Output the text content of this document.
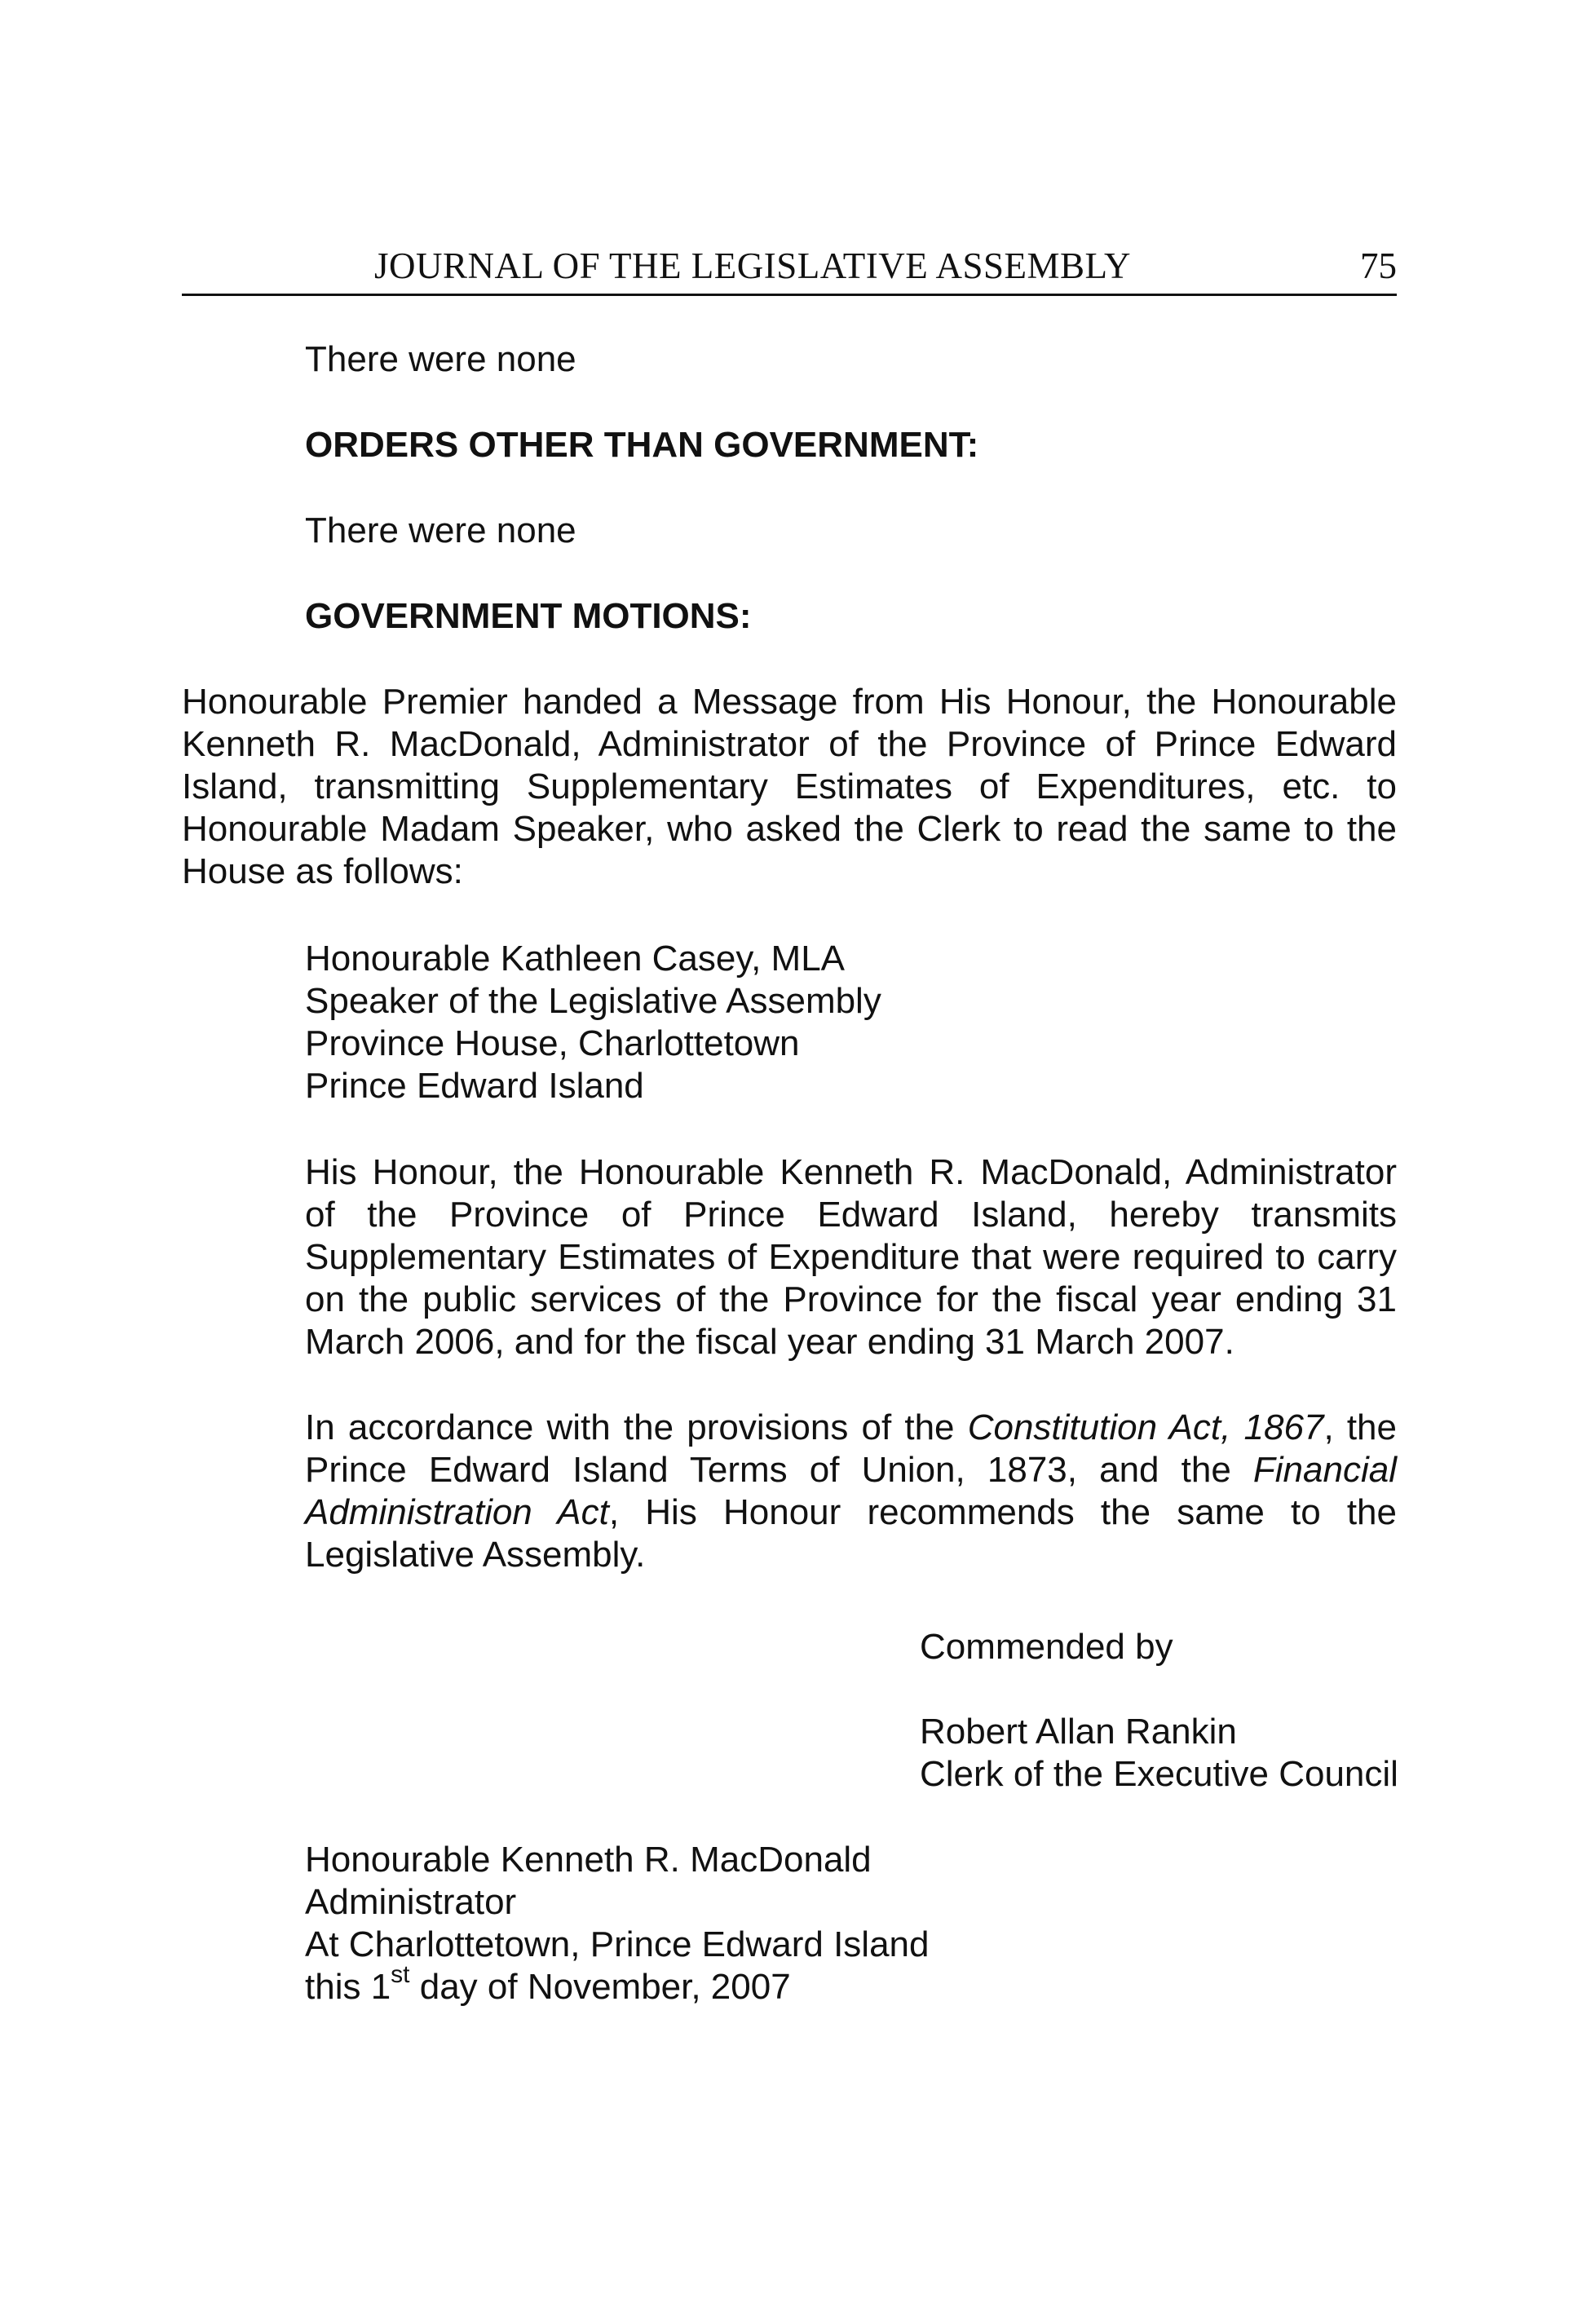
JOURNAL OF THE LEGISLATIVE ASSEMBLY	75

There were none

ORDERS OTHER THAN GOVERNMENT:

There were none

GOVERNMENT MOTIONS:

Honourable Premier handed a Message from His Honour, the Honourable Kenneth R. MacDonald, Administrator of the Province of Prince Edward Island, transmitting Supplementary Estimates of Expenditures, etc. to Honourable Madam Speaker, who asked the Clerk to read the same to the House as follows:

Honourable Kathleen Casey, MLA
Speaker of the Legislative Assembly
Province House, Charlottetown
Prince Edward Island

His Honour, the Honourable Kenneth R. MacDonald, Administrator of the Province of Prince Edward Island, hereby transmits Supplementary Estimates of Expenditure that were required to carry on the public services of the Province for the fiscal year ending 31 March 2006, and for the fiscal year ending 31 March 2007.

In accordance with the provisions of the Constitution Act, 1867, the Prince Edward Island Terms of Union, 1873, and the Financial Administration Act, His Honour recommends the same to the Legislative Assembly.

Commended by

Robert Allan Rankin
Clerk of the Executive Council
Honourable Kenneth R. MacDonald
Administrator
At Charlottetown, Prince Edward Island
this 1st day of November, 2007
